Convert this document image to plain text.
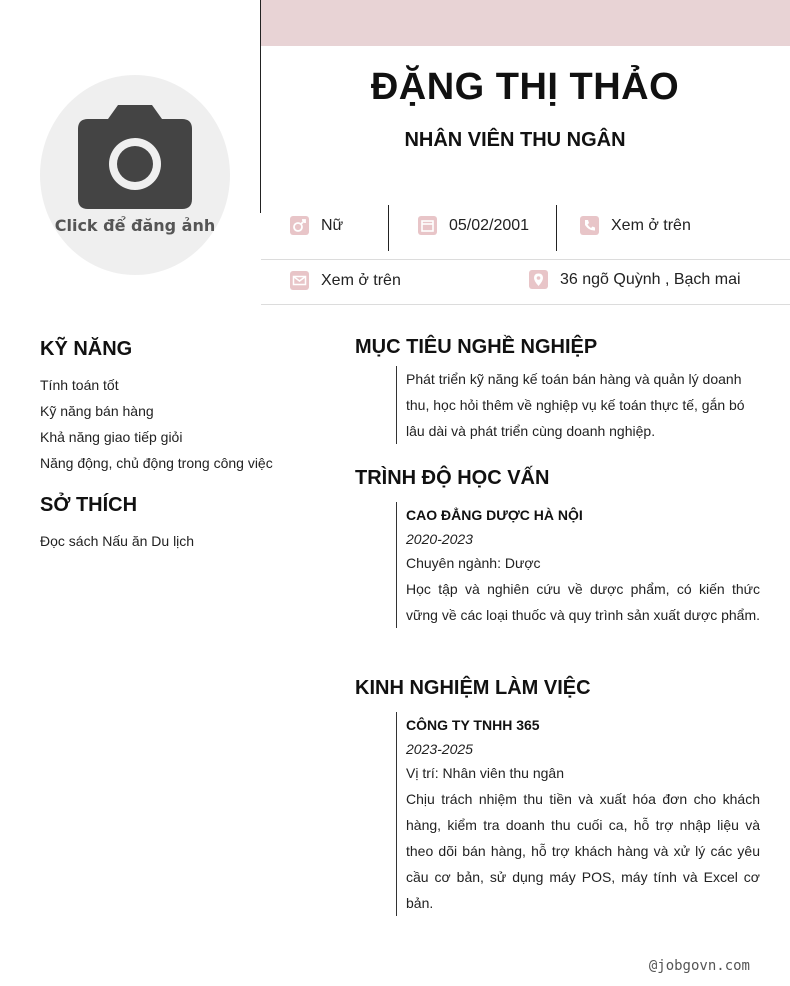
Click để đăng ảnh
ĐẶNG THỊ THẢO
NHÂN VIÊN THU NGÂN
Nữ	05/02/2001	Xem ở trên
Xem ở trên	36 ngõ Quỳnh , Bạch mai
KỸ NĂNG
Tính toán tốt
Kỹ năng bán hàng
Khả năng giao tiếp giỏi
Năng động, chủ động trong công việc
SỞ THÍCH
Đọc sách Nấu ăn Du lịch
MỤC TIÊU NGHỀ NGHIỆP
Phát triển kỹ năng kế toán bán hàng và quản lý doanh
thu, học hỏi thêm về nghiệp vụ kế toán thực tế, gắn bó
lâu dài và phát triển cùng doanh nghiệp.
TRÌNH ĐỘ HỌC VẤN
CAO ĐẲNG DƯỢC HÀ NỘI
2020-2023
Chuyên ngành: Dược
Học tập và nghiên cứu về dược phẩm, có kiến thức vững về các loại thuốc và quy trình sản xuất dược phẩm.
KINH NGHIỆM LÀM VIỆC
CÔNG TY TNHH 365
2023-2025
Vị trí: Nhân viên thu ngân
Chịu trách nhiệm thu tiền và xuất hóa đơn cho khách hàng, kiểm tra doanh thu cuối ca, hỗ trợ nhập liệu và theo dõi bán hàng, hỗ trợ khách hàng và xử lý các yêu cầu cơ bản, sử dụng máy POS, máy tính và Excel cơ bản.
@jobgovn.com
